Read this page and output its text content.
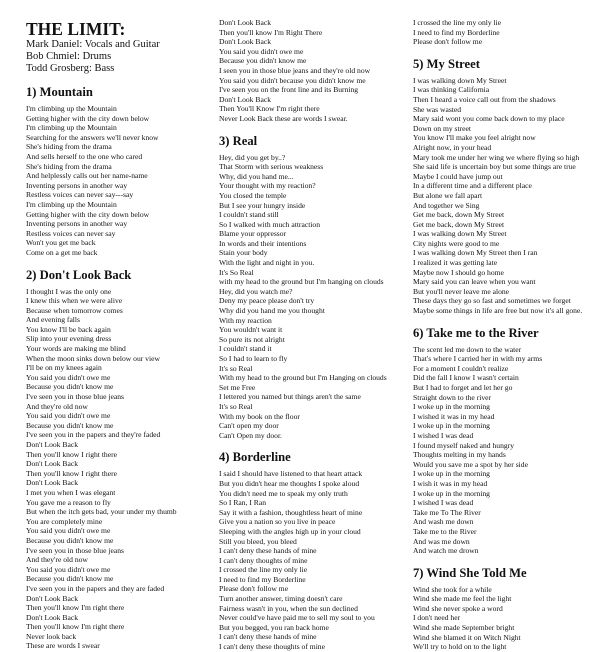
THE LIMIT:
Mark Daniel: Vocals and Guitar
Bob Chmiel: Drums
Todd Grosberg: Bass
1) Mountain
I'm climbing up the Mountain
Getting higher with the city down below
I'm climbing up the Mountain
Searching for the answers we'll never know
She's hiding from the drama
And sells herself to the one who cared
She's hiding from the drama
And helplessly calls out her name-name
Inventing persons in another way
Restless voices can never say---say
I'm climbing up the Mountain
Getting higher with the city down below
Inventing persons in another way
Restless voices can never say
Won't you get me back
Come on a get me back
2) Don't Look Back
I thought I was the only one
I knew this when we were alive
Because when tomorrow comes
And evening falls
You know I'll be back again
Slip into your evening dress
Your words are making me blind
When the moon sinks down below our view
I'll be on my knees again
You said you didn't owe me
Because you didn't know me
I've seen you in those blue jeans
And they're old now
You said you didn't owe me
Because you didn't know me
I've seen you in the papers and they're faded
Don't Look Back
Then you'll know I right there
Don't Look Back
Then you'll know I right there
Don't Look Back
I met you when I was elegant
You gave me a reason to fly
But when the itch gets bad, your under my thumb
You are completely mine
You said you didn't owe me
Because you didn't know me
I've seen you in those blue jeans
And they're old now
You said you didn't owe me
Because you didn't know me
I've seen you in the papers and they are faded
Don't Look Back
Then you'll know I'm right there
Don't Look Back
Then you'll know I'm right there
Never look back
These are words I swear
Don't Look Back
Then you'll know I'm Right There
Don't Look Back
You said you didn't owe me
Because you didn't know me
I seen you in those blue jeans and they're old now
You said you didn't because you didn't know me
I've seen you on the front line and its Burning
Don't Look Back
Then You'll Know I'm right there
Never Look Back these are words I swear.
3) Real
Hey, did you get by..?
That Storm with serious weakness
Why, did you hand me...
Your thought with my reaction?
You closed the temple
But I see your hungry inside
I couldn't stand still
So I walked with much attraction
Blame your oppressor
In words and their intentions
Stain your body
With the light and night in you.
It's So Real
with my head to the ground but I'm hanging on clouds
Hey, did you watch me?
Deny my peace please don't try
Why did you hand me you thought
With my reaction
You wouldn't want it
So pure its not alright
I couldn't stand it
So I had to learn to fly
It's so Real
With my head to the ground but I'm Hanging on clouds
Set me Free
I lettered you named but things aren't the same
It's so Real
With my book on the floor
Can't open my door
Can't Open my door.
4) Borderline
I said I should have listened to that heart attack
But you didn't hear me thoughts I spoke aloud
You didn't need me to speak my only truth
So I Ran, I Ran
Say it with a fashion, thoughtless heart of mine
Give you a nation so you live in peace
Sleeping with the angles high up in your cloud
Still you bleed, you bleed
I can't deny these hands of mine
I can't deny thoughts of mine
I crossed the line my only lie
I need to find my Borderline
Please don't follow me
Turn another answer, timing doesn't care
Fairness wasn't in you, when the sun declined
Never could've have paid me to sell my soul to you
But you begged, you ran back home
I can't deny these hands of mine
I can't deny these thoughts of mine
I crossed the line my only lie
I need to find my Borderline
Please don't follow me
5) My Street
I was walking down My Street
I was thinking California
Then I heard a voice call out from the shadows
She was wasted
Mary said wont you come back down to my place
Down on my street
You know I'll make you feel alright now
Alright now, in your head
Mary took me under her wing we where flying so high
She said life is uncertain boy but some things are true
Maybe I could have jump out
In a different time and a different place
But alone we fall apart
And together we Sing
Get me back, down My Street
Get me back, down My Street
I was walking down My Street
City nights were good to me
I was walking down My Street then I ran
I realized it was getting late
Maybe now I should go home
Mary said you can leave when you want
But you'll never leave me alone
These days they go so fast and sometimes we forget
Maybe some things in life are free but now it's all gone.
6) Take me to the River
The scent led me down to the water
That's where I carried her in with my arms
For a moment I couldn't realize
Did the fall I know I wasn't certain
But I had to forget and let her go
Straight down to the river
I woke up in the morning
I wished it was in my head
I woke up in the morning
I wished I was dead
I found myself naked and hungry
Thoughts melting in my hands
Would you save me a spot by her side
I woke up in the morning
I wish it was in my head
I woke up in the morning
I wished I was dead
Take me To The River
And wash me down
Take me to the River
And was me down
And watch me drown
7) Wind She Told Me
Wind she took for a while
Wind she made me feel the light
Wind she never spoke a word
I don't need her
Wind she made September bright
Wind she blamed it on Witch Night
We'll try to hold on to the light
